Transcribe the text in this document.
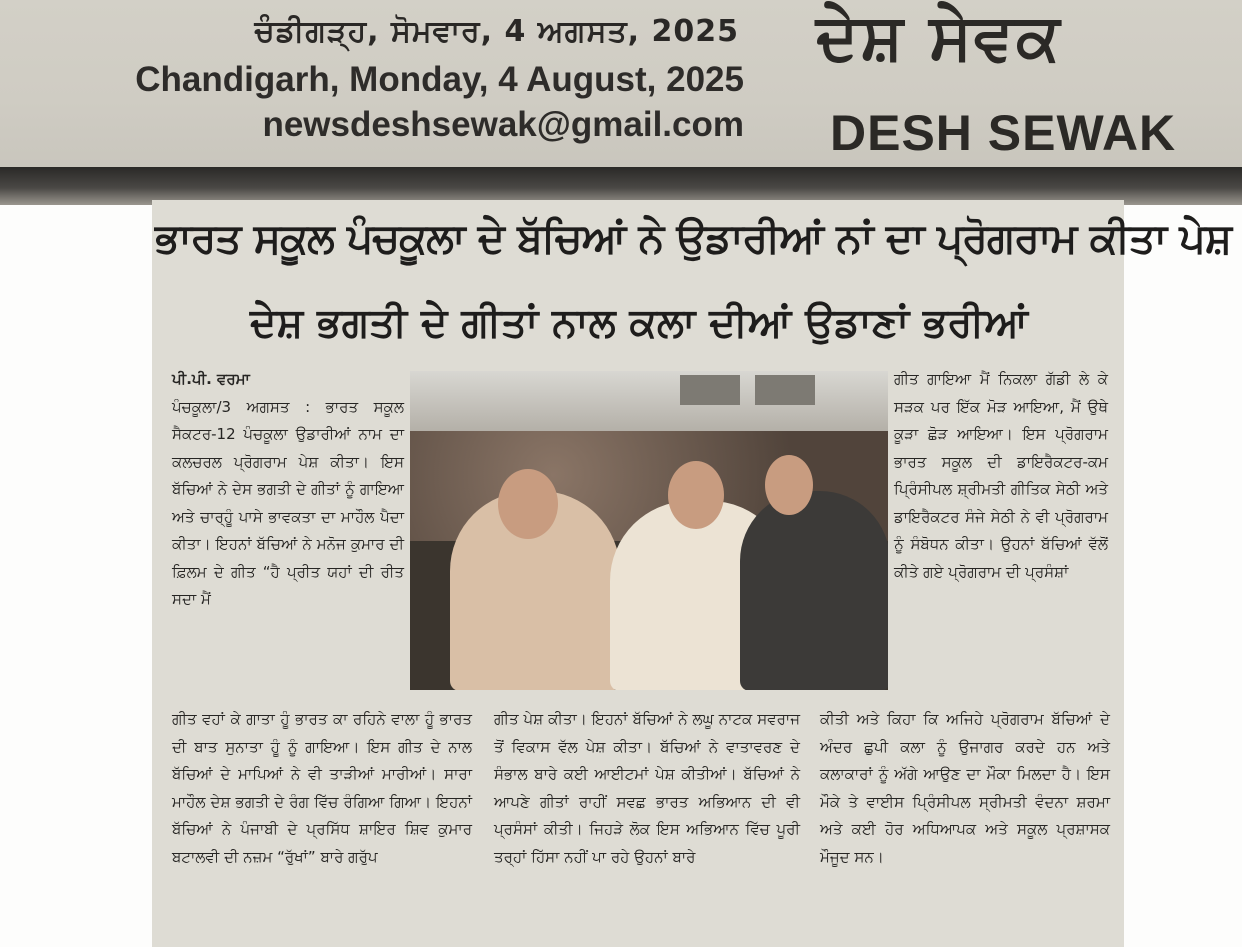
ਚੰਡੀਗੜ੍ਹ, ਸੋਮਵਾਰ, 4 ਅਗਸਤ, 2025
Chandigarh, Monday, 4 August, 2025
newsdeshsewak@gmail.com
ਦੇਸ਼ ਸੇਵਕ
DESH SEWAK
ਭਾਰਤ ਸਕੂਲ ਪੰਚਕੂਲਾ ਦੇ ਬੱਚਿਆਂ ਨੇ ਉਡਾਰੀਆਂ ਨਾਂ ਦਾ ਪ੍ਰੋਗਰਾਮ ਕੀਤਾ ਪੇਸ਼
ਦੇਸ਼ ਭਗਤੀ ਦੇ ਗੀਤਾਂ ਨਾਲ ਕਲਾ ਦੀਆਂ ਉਡਾਣਾਂ ਭਰੀਆਂ

ਪੀ.ਪੀ. ਵਰਮਾ

ਪੰਚਕੂਲਾ/3 ਅਗਸਤ : ਭਾਰਤ ਸਕੂਲ ਸੈਕਟਰ-12 ਪੰਚਕੂਲਾ ਉਡਾਰੀਆਂ ਨਾਮ ਦਾ ਕਲਚਰਲ ਪ੍ਰੋਗਰਾਮ ਪੇਸ਼ ਕੀਤਾ। ਇਸ ਬੱਚਿਆਂ ਨੇ ਦੇਸ ਭਗਤੀ ਦੇ ਗੀਤਾਂ ਨੂੰ ਗਾਇਆ ਅਤੇ ਚਾਰ੍ਹੂੰ ਪਾਸੇ ਭਾਵਕਤਾ ਦਾ ਮਾਹੌਲ ਪੈਦਾ ਕੀਤਾ। ਇਹਨਾਂ ਬੱਚਿਆਂ ਨੇ ਮਨੋਜ ਕੁਮਾਰ ਦੀ ਫ਼ਿਲਮ ਦੇ ਗੀਤ “ਹੈ ਪ੍ਰੀਤ ਯਹਾਂ ਦੀ ਰੀਤ ਸਦਾ ਮੈਂ

ਗੀਤ ਗਾਇਆ ਮੈਂ ਨਿਕਲਾ ਗੱਡੀ ਲੇ ਕੇ ਸੜਕ ਪਰ ਇੱਕ ਮੋੜ ਆਇਆ, ਮੈਂ ਉਥੇ ਕੂੜਾ ਛੋੜ ਆਇਆ। ਇਸ ਪ੍ਰੋਗਰਾਮ ਭਾਰਤ ਸਕੂਲ ਦੀ ਡਾਇਰੈਕਟਰ-ਕਮ ਪ੍ਰਿੰਸੀਪਲ ਸ਼੍ਰੀਮਤੀ ਗੀਤਿਕ ਸੇਠੀ ਅਤੇ ਡਾਇਰੈਕਟਰ ਸੰਜੇ ਸੇਠੀ ਨੇ ਵੀ ਪ੍ਰੋਗਰਾਮ ਨੂੰ ਸੰਬੋਧਨ ਕੀਤਾ। ਉਹਨਾਂ ਬੱਚਿਆਂ ਵੱਲੋਂ ਕੀਤੇ ਗਏ ਪ੍ਰੋਗਰਾਮ ਦੀ ਪ੍ਰਸੰਸ਼ਾਂ

ਗੀਤ ਵਹਾਂ ਕੇ ਗਾਤਾ ਹੂੰ ਭਾਰਤ ਕਾ ਰਹਿਨੇ ਵਾਲਾ ਹੂੰ ਭਾਰਤ ਦੀ ਬਾਤ ਸੁਨਾਤਾ ਹੂੰ ਨੂੰ ਗਾਇਆ। ਇਸ ਗੀਤ ਦੇ ਨਾਲ ਬੱਚਿਆਂ ਦੇ ਮਾਪਿਆਂ ਨੇ ਵੀ ਤਾੜੀਆਂ ਮਾਰੀਆਂ। ਸਾਰਾ ਮਾਹੌਲ ਦੇਸ਼ ਭਗਤੀ ਦੇ ਰੰਗ ਵਿੱਚ ਰੰਗਿਆ ਗਿਆ। ਇਹਨਾਂ ਬੱਚਿਆਂ ਨੇ ਪੰਜਾਬੀ ਦੇ ਪ੍ਰਸਿੱਧ ਸ਼ਾਇਰ ਸ਼ਿਵ ਕੁਮਾਰ ਬਟਾਲਵੀ ਦੀ ਨਜ਼ਮ “ਰੁੱਖਾਂ” ਬਾਰੇ ਗਰੁੱਪ

ਗੀਤ ਪੇਸ਼ ਕੀਤਾ। ਇਹਨਾਂ ਬੱਚਿਆਂ ਨੇ ਲਘੂ ਨਾਟਕ ਸਵਰਾਜ ਤੋਂ ਵਿਕਾਸ ਵੱਲ ਪੇਸ਼ ਕੀਤਾ। ਬੱਚਿਆਂ ਨੇ ਵਾਤਾਵਰਣ ਦੇ ਸੰਭਾਲ ਬਾਰੇ ਕਈ ਆਈਟਮਾਂ ਪੇਸ਼ ਕੀਤੀਆਂ। ਬੱਚਿਆਂ ਨੇ ਆਪਣੇ ਗੀਤਾਂ ਰਾਹੀਂ ਸਵਛ ਭਾਰਤ ਅਭਿਆਨ ਦੀ ਵੀ ਪ੍ਰਸੰਸਾਂ ਕੀਤੀ। ਜਿਹੜੇ ਲੋਕ ਇਸ ਅਭਿਆਨ ਵਿੱਚ ਪੂਰੀ ਤਰ੍ਹਾਂ ਹਿੱਸਾ ਨਹੀਂ ਪਾ ਰਹੇ ਉਹਨਾਂ ਬਾਰੇ

ਕੀਤੀ ਅਤੇ ਕਿਹਾ ਕਿ ਅਜਿਹੇ ਪ੍ਰੋਗਰਾਮ ਬੱਚਿਆਂ ਦੇ ਅੰਦਰ ਛੁਪੀ ਕਲਾ ਨੂੰ ਉਜਾਗਰ ਕਰਦੇ ਹਨ ਅਤੇ ਕਲਾਕਾਰਾਂ ਨੂੰ ਅੱਗੇ ਆਉਣ ਦਾ ਮੌਕਾ ਮਿਲਦਾ ਹੈ। ਇਸ ਮੌਕੇ ਤੇ ਵਾਈਸ ਪ੍ਰਿੰਸੀਪਲ ਸ੍ਰੀਮਤੀ ਵੰਦਨਾ ਸ਼ਰਮਾ ਅਤੇ ਕਈ ਹੋਰ ਅਧਿਆਪਕ ਅਤੇ ਸਕੂਲ ਪ੍ਰਸ਼ਾਸਕ ਮੌਜੂਦ ਸਨ।
